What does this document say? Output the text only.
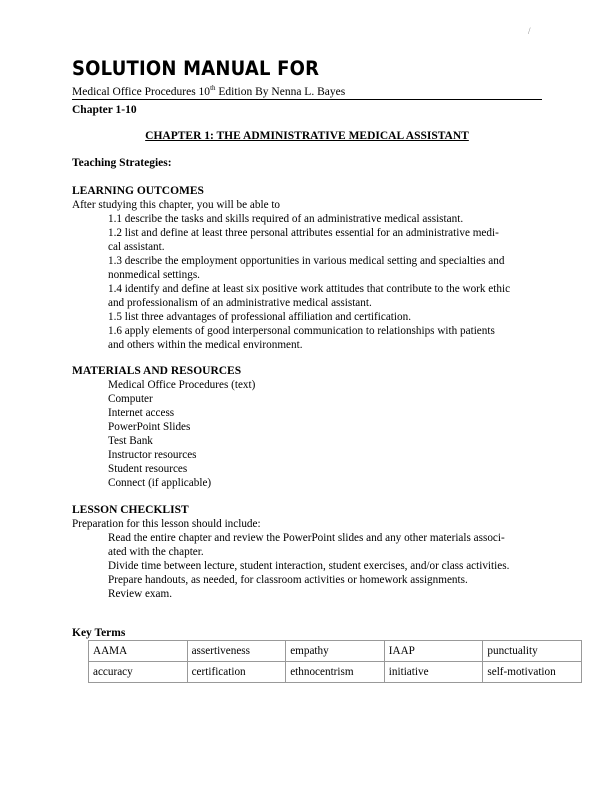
/
SOLUTION MANUAL FOR
Medical Office Procedures 10th Edition By Nenna L. Bayes
Chapter 1-10
CHAPTER 1: THE ADMINISTRATIVE MEDICAL ASSISTANT
Teaching Strategies:
LEARNING OUTCOMES
After studying this chapter, you will be able to
1.1 describe the tasks and skills required of an administrative medical assistant.
1.2 list and define at least three personal attributes essential for an administrative medi-
cal assistant.
1.3 describe the employment opportunities in various medical setting and specialties and
nonmedical settings.
1.4 identify and define at least six positive work attitudes that contribute to the work ethic
and professionalism of an administrative medical assistant.
1.5 list three advantages of professional affiliation and certification.
1.6 apply elements of good interpersonal communication to relationships with patients
and others within the medical environment.
MATERIALS AND RESOURCES
Medical Office Procedures (text)
Computer
Internet access
PowerPoint Slides
Test Bank
Instructor resources
Student resources
Connect (if applicable)
LESSON CHECKLIST
Preparation for this lesson should include:
Read the entire chapter and review the PowerPoint slides and any other materials associ-
ated with the chapter.
Divide time between lecture, student interaction, student exercises, and/or class activities.
Prepare handouts, as needed, for classroom activities or homework assignments.
Review exam.
Key Terms
AAMA	assertiveness	empathy	IAAP	punctuality
accuracy	certification	ethnocentrism	initiative	self-motivation
